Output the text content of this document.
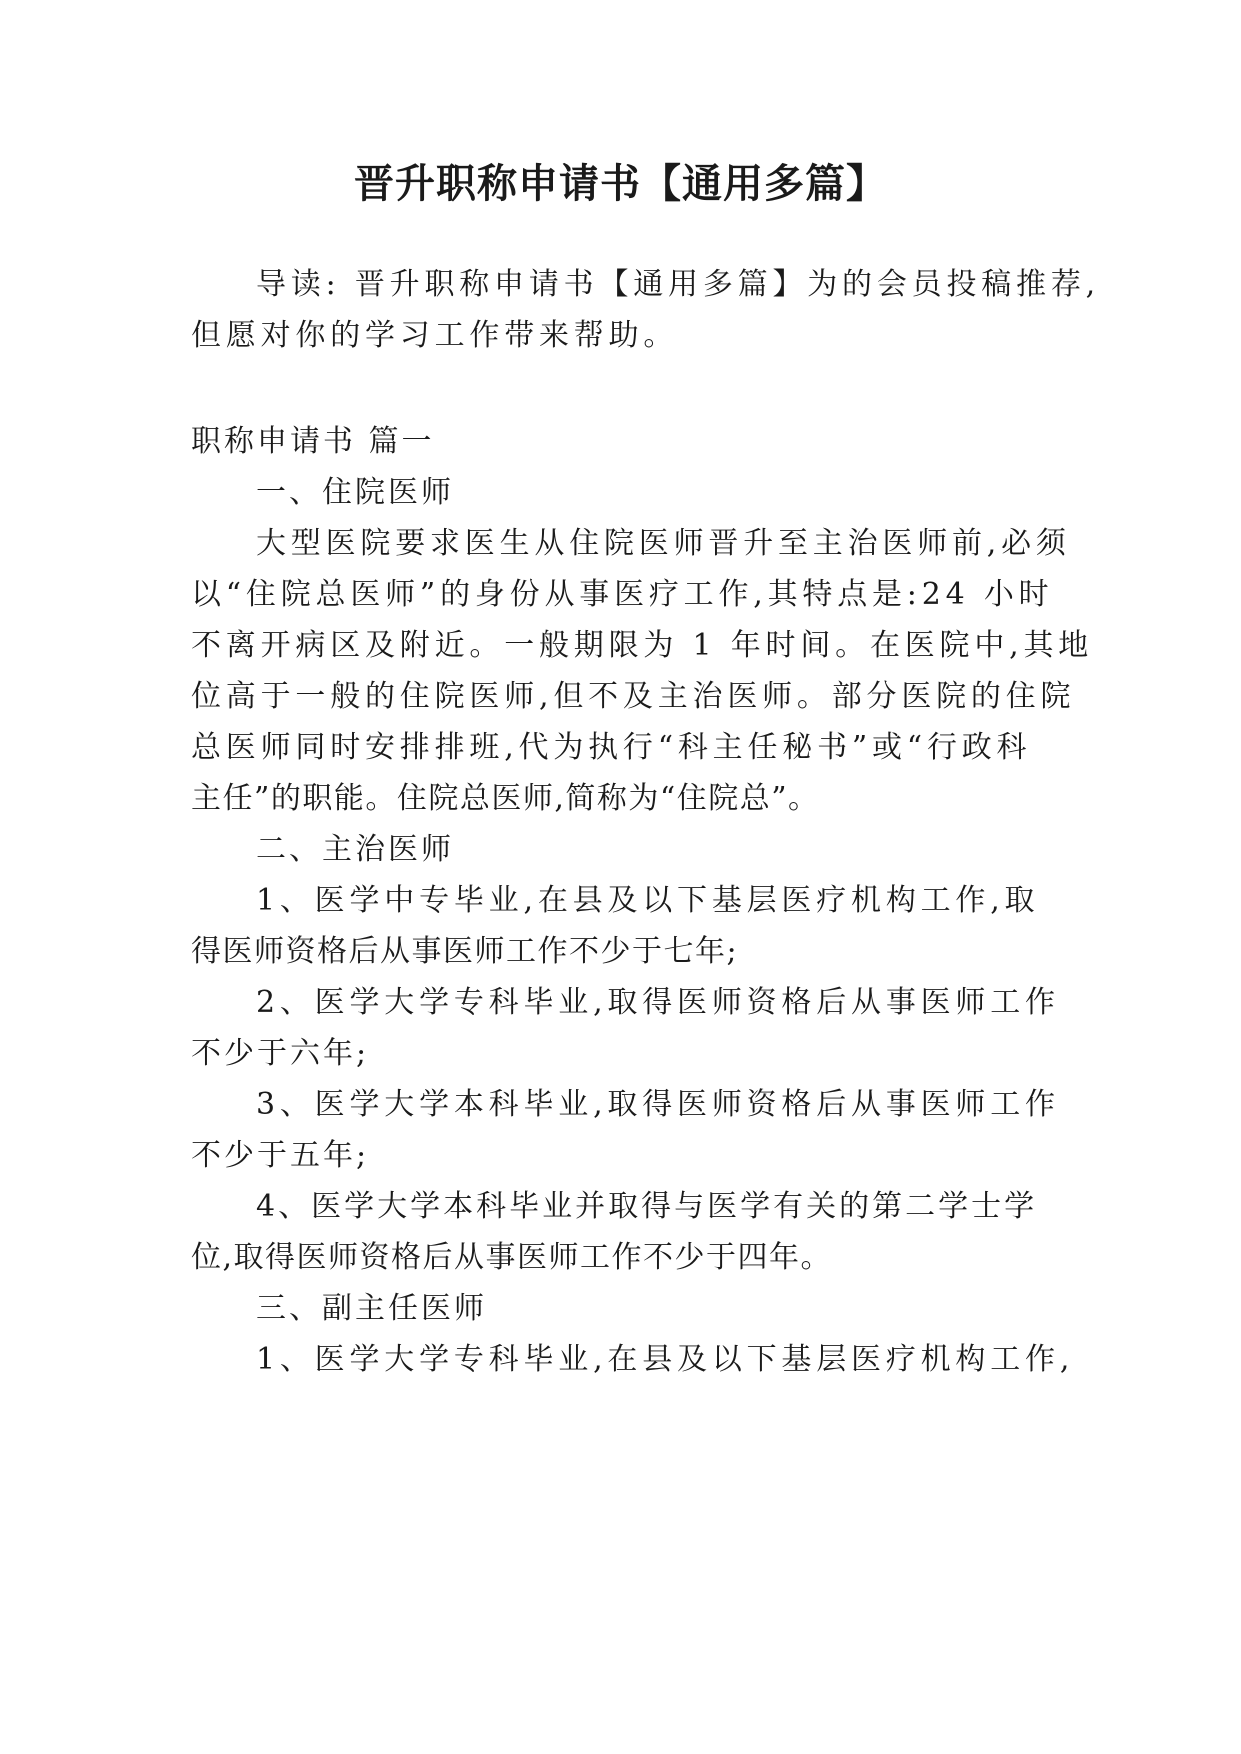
晋升职称申请书【通用多篇】

导读: 晋升职称申请书【通用多篇】为的会员投稿推荐,

但愿对你的学习工作带来帮助。

职称申请书 篇一

一、住院医师

大型医院要求医生从住院医师晋升至主治医师前,必须

以“住院总医师”的身份从事医疗工作,其特点是:24 小时

不离开病区及附近。一般期限为 1 年时间。在医院中,其地

位高于一般的住院医师,但不及主治医师。部分医院的住院

总医师同时安排排班,代为执行“科主任秘书”或“行政科

主任”的职能。住院总医师,简称为“住院总”。

二、主治医师

1、医学中专毕业,在县及以下基层医疗机构工作,取

得医师资格后从事医师工作不少于七年;

2、医学大学专科毕业,取得医师资格后从事医师工作

不少于六年;

3、医学大学本科毕业,取得医师资格后从事医师工作

不少于五年;

4、医学大学本科毕业并取得与医学有关的第二学士学

位,取得医师资格后从事医师工作不少于四年。

三、副主任医师

1、医学大学专科毕业,在县及以下基层医疗机构工作,
